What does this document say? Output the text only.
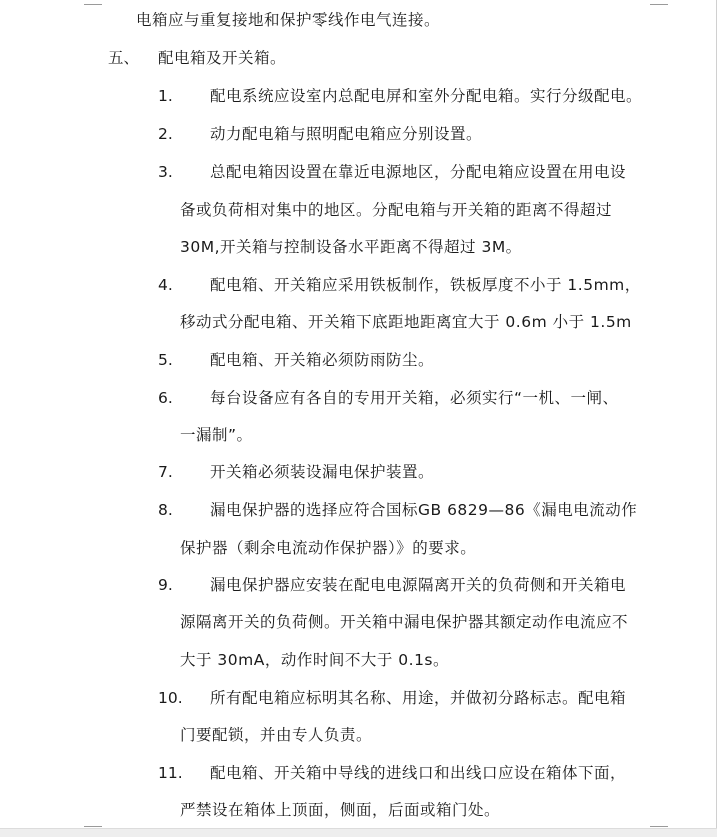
电箱应与重复接地和保护零线作电气连接。
五、 配电箱及开关箱。
1. 配电系统应设室内总配电屏和室外分配电箱。实行分级配电。
2. 动力配电箱与照明配电箱应分别设置。
3. 总配电箱因设置在靠近电源地区，分配电箱应设置在用电设
备或负荷相对集中的地区。分配电箱与开关箱的距离不得超过
30M,开关箱与控制设备水平距离不得超过 3M。
4. 配电箱、开关箱应采用铁板制作，铁板厚度不小于 1.5mm，
移动式分配电箱、开关箱下底距地距离宜大于 0.6m 小于 1.5m
5. 配电箱、开关箱必须防雨防尘。
6. 每台设备应有各自的专用开关箱，必须实行“一机、一闸、
一漏制”。
7. 开关箱必须装设漏电保护装置。
8. 漏电保护器的选择应符合国标GB 6829—86《漏电电流动作
保护器（剩余电流动作保护器）》的要求。
9. 漏电保护器应安装在配电电源隔离开关的负荷侧和开关箱电
源隔离开关的负荷侧。开关箱中漏电保护器其额定动作电流应不
大于 30mA，动作时间不大于 0.1s。
10. 所有配电箱应标明其名称、用途，并做初分路标志。配电箱
门要配锁，并由专人负责。
11. 配电箱、开关箱中导线的进线口和出线口应设在箱体下面，
严禁设在箱体上顶面，侧面，后面或箱门处。
